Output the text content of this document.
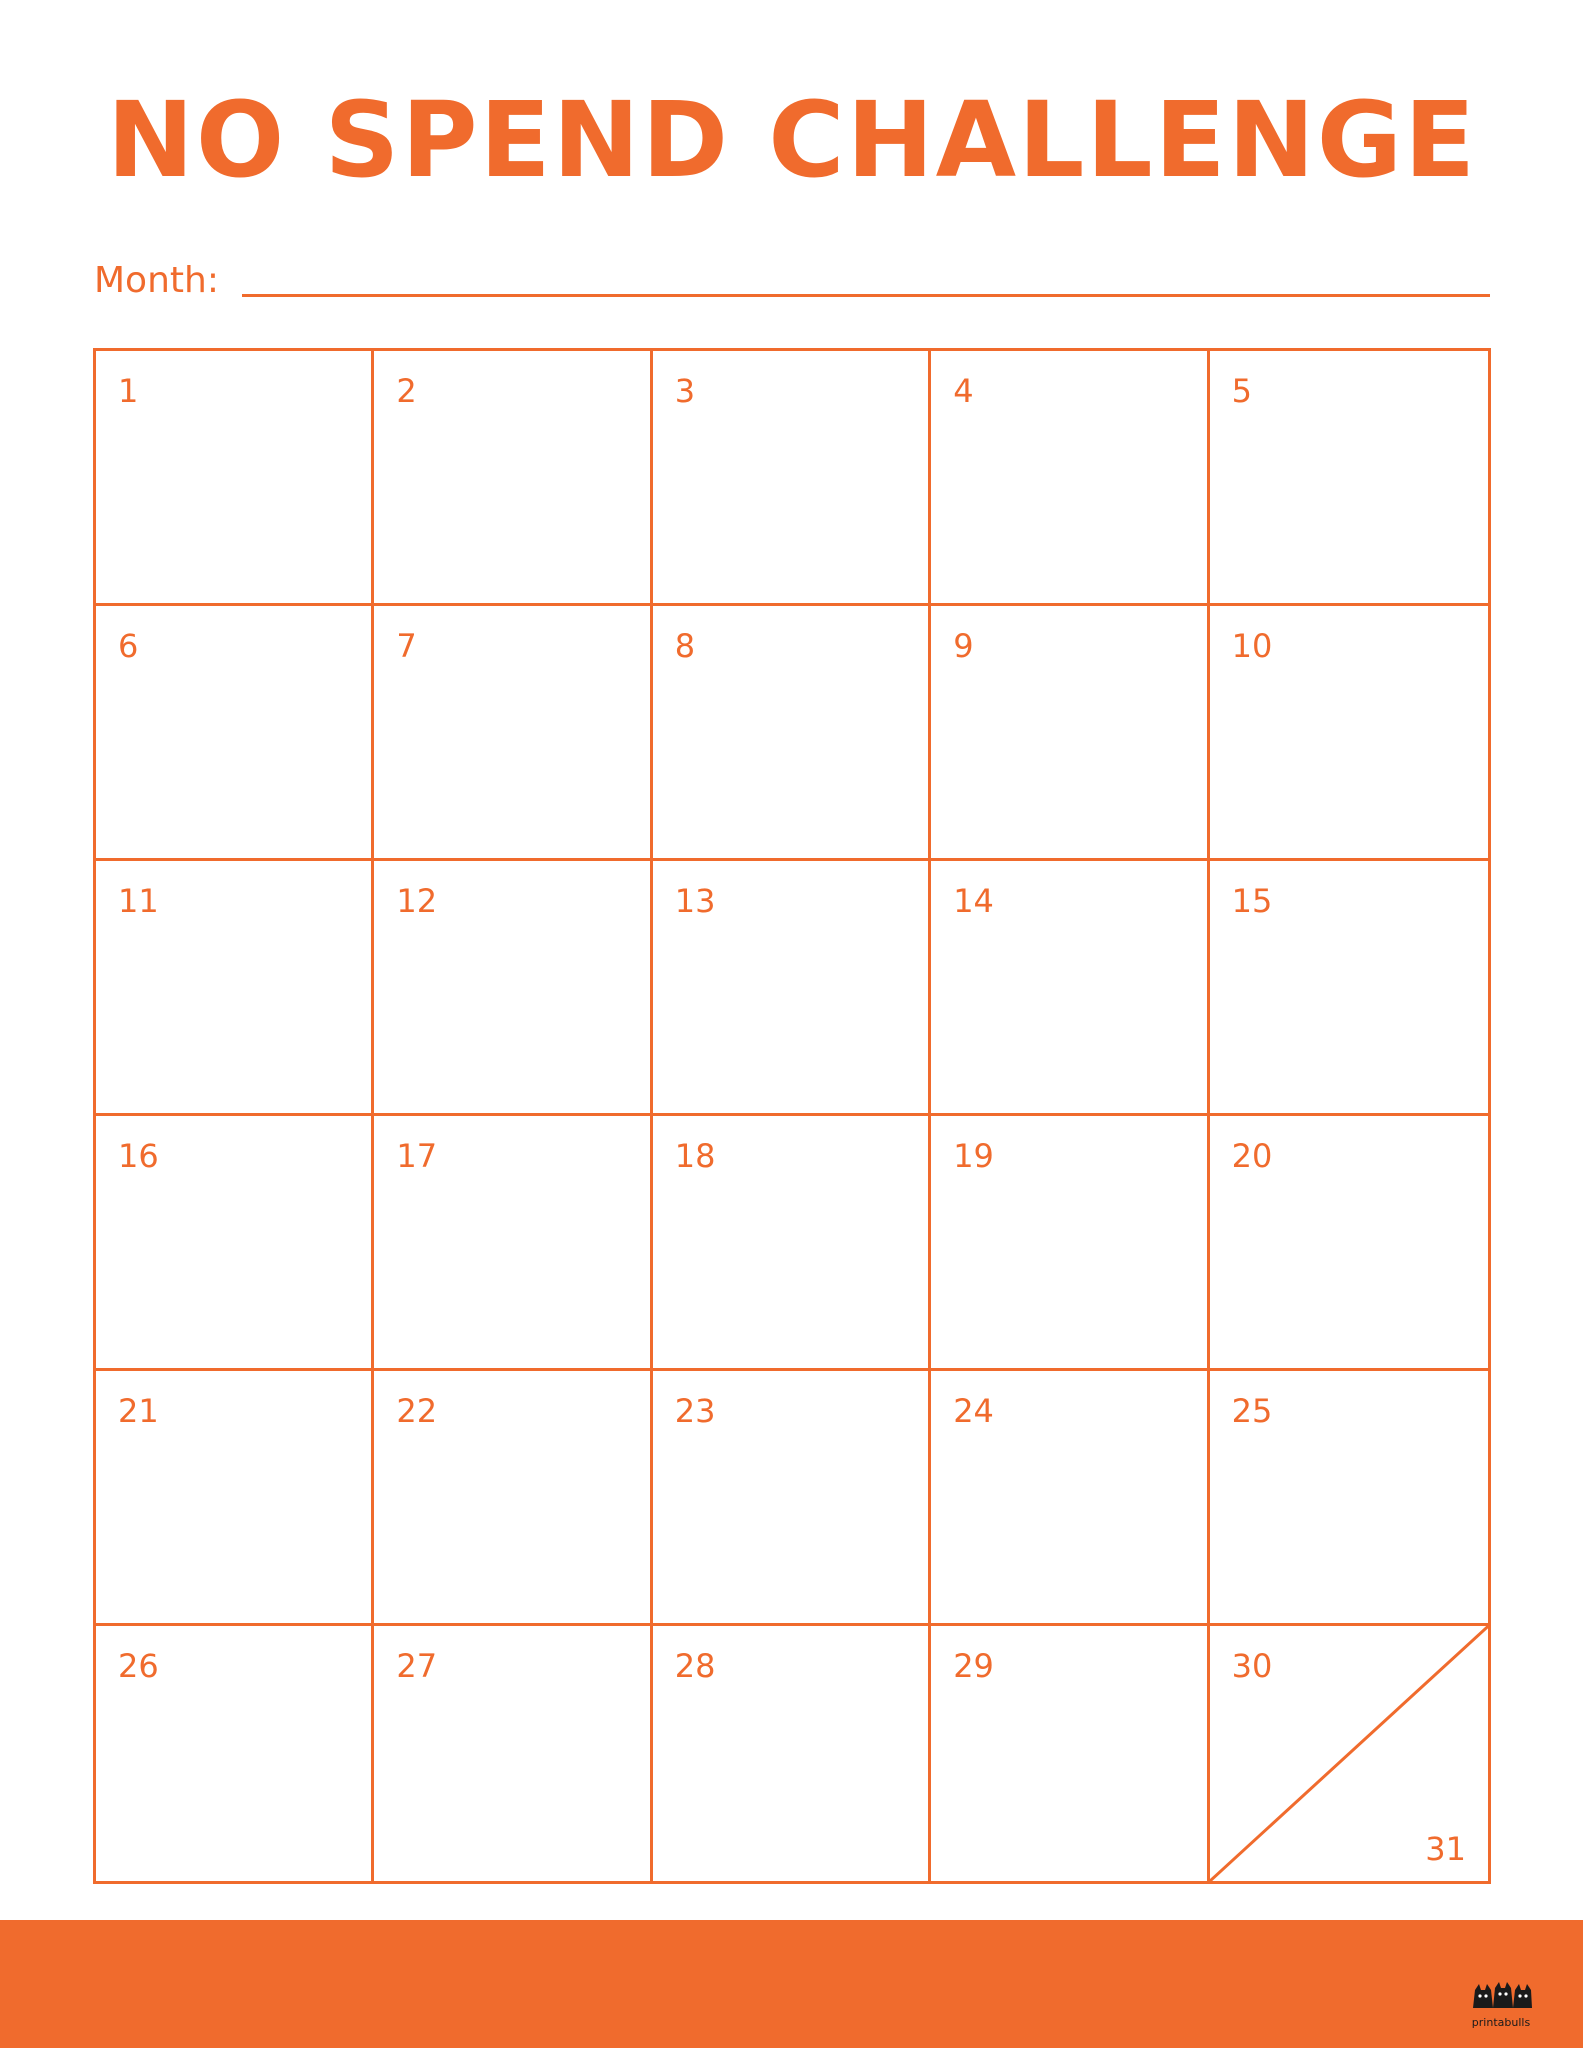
NO SPEND CHALLENGE
Month:
1	2	3	4	5
6	7	8	9	10
11	12	13	14	15
16	17	18	19	20
21	22	23	24	25
26	27	28	29	30
31
printabulls
